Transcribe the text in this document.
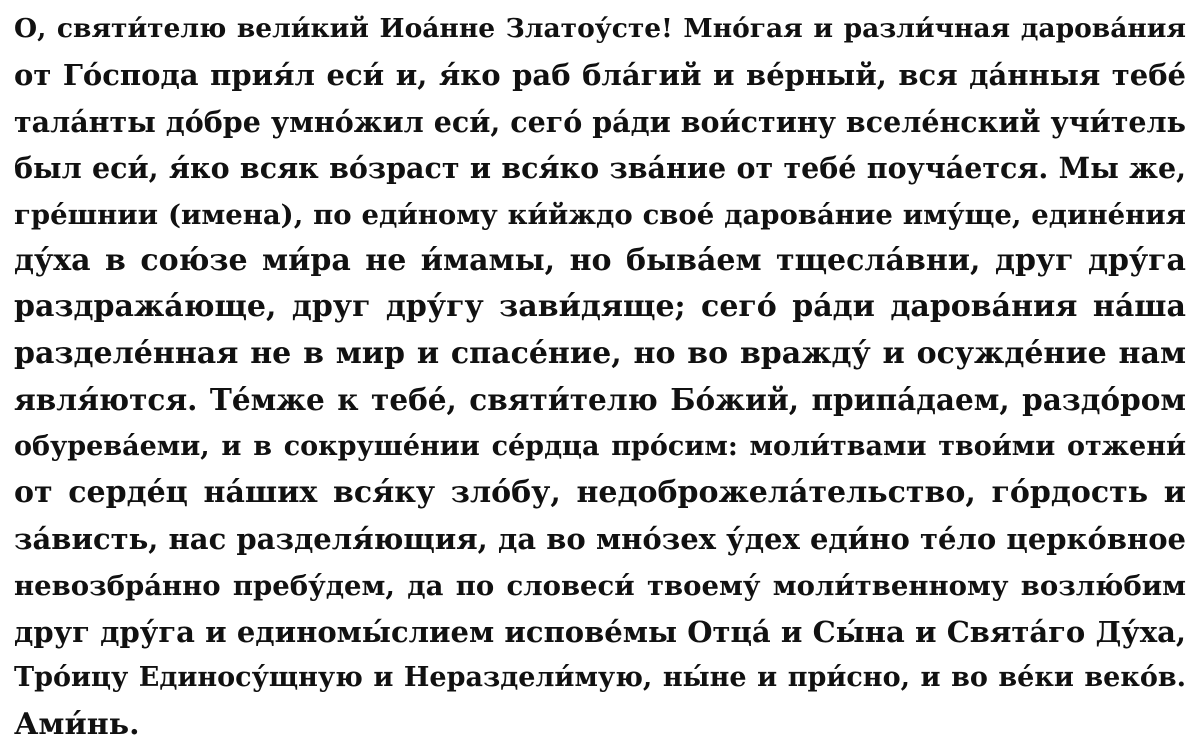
О, святи́телю вели́кий Иоа́нне Златоу́сте! Мно́гая и разли́чная дарова́ния
от Го́спода прия́л еси́ и, я́ко раб бла́гий и ве́рный, вся да́нныя тебе́
тала́нты до́бре умно́жил еси́, сего́ ра́ди вои́стину вселе́нский учи́тель
был еси́, я́ко всяк во́зраст и вся́ко зва́ние от тебе́ поуча́ется. Мы же,
гре́шнии (имена), по еди́ному ки́йждо свое́ дарова́ние иму́ще, едине́ния
ду́ха в сою́зе ми́ра не и́мамы, но быва́ем тщесла́вни, друг дру́га
раздража́юще, друг дру́гу зави́дяще; сего́ ра́ди дарова́ния на́ша
разделе́нная не в мир и спасе́ние, но во вражду́ и осужде́ние нам
явля́ются. Те́мже к тебе́, святи́телю Бо́жий, припа́даем, раздо́ром
обурева́еми, и в сокруше́нии се́рдца про́сим: моли́твами твои́ми отжени́
от серде́ц на́ших вся́ку зло́бу, недоброжела́тельство, го́рдость и
за́висть, нас разделя́ющия, да во мно́зех у́дех еди́но те́ло церко́вное
невозбра́нно пребу́дем, да по словеси́ твоему́ моли́твенному возлю́бим
друг дру́га и единомы́слием испове́мы Отца́ и Сы́на и Свята́го Ду́ха,
Тро́ицу Единосу́щную и Нераздели́мую, ны́не и при́сно, и во ве́ки веко́в.
Ами́нь.
